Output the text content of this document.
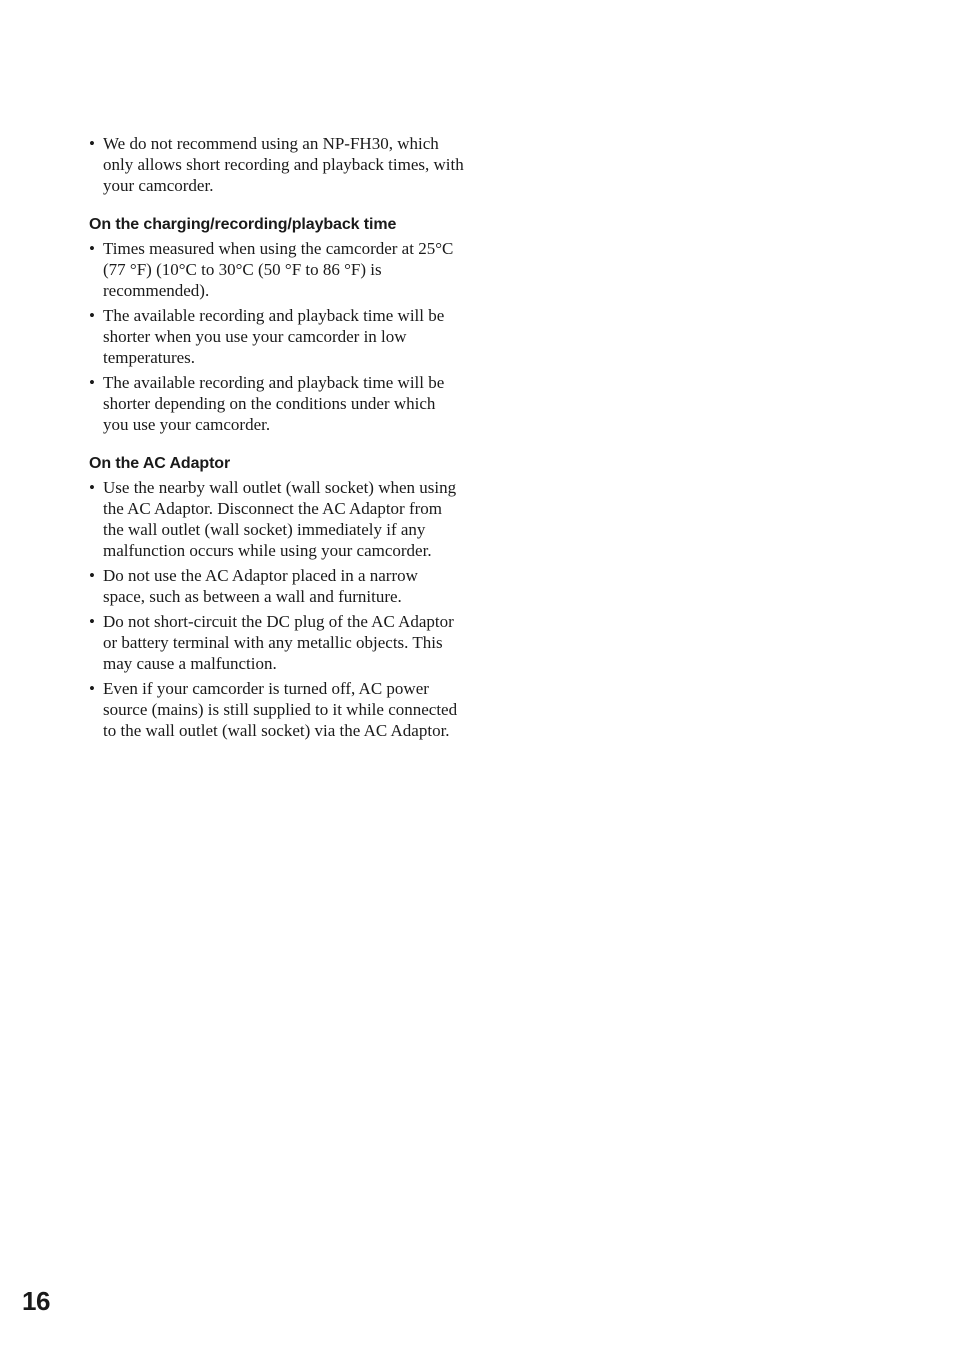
• We do not recommend using an NP-FH30, which only allows short recording and playback times, with your camcorder.
On the charging/recording/playback time
• Times measured when using the camcorder at 25°C (77 °F) (10°C to 30°C (50 °F to 86 °F) is recommended).
• The available recording and playback time will be shorter when you use your camcorder in low temperatures.
• The available recording and playback time will be shorter depending on the conditions under which you use your camcorder.
On the AC Adaptor
• Use the nearby wall outlet (wall socket) when using the AC Adaptor. Disconnect the AC Adaptor from the wall outlet (wall socket) immediately if any malfunction occurs while using your camcorder.
• Do not use the AC Adaptor placed in a narrow space, such as between a wall and furniture.
• Do not short-circuit the DC plug of the AC Adaptor or battery terminal with any metallic objects. This may cause a malfunction.
• Even if your camcorder is turned off, AC power source (mains) is still supplied to it while connected to the wall outlet (wall socket) via the AC Adaptor.
16
